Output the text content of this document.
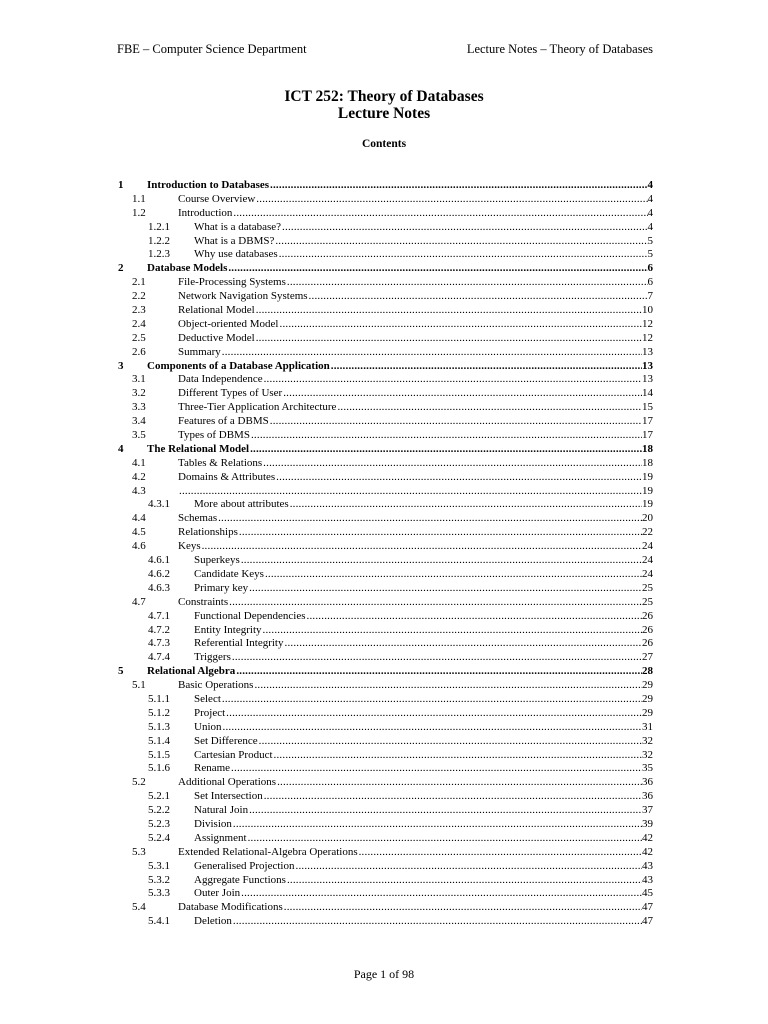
FBE – Computer Science Department	Lecture Notes – Theory of Databases
ICT 252: Theory of Databases
Lecture Notes
Contents
1 Introduction to Databases .....	4
1.1	Course Overview .....	4
1.2	Introduction .....	4
1.2.1 What is a database? .....	4
1.2.2 What is a DBMS? .....	5
1.2.3 Why use databases .....	5
2 Database Models .....	6
2.1	File-Processing Systems .....	6
2.2	Network Navigation Systems .....	7
2.3	Relational Model .....	10
2.4	Object-oriented Model .....	12
2.5	Deductive Model .....	12
2.6	Summary .....	13
3 Components of a Database Application .....	13
3.1	Data Independence .....	13
3.2	Different Types of User .....	14
3.3	Three-Tier Application Architecture .....	15
3.4	Features of a DBMS .....	17
3.5	Types of DBMS .....	17
4 The Relational Model .....	18
4.1	Tables & Relations .....	18
4.2	Domains & Attributes .....	19
4.3 .....	19
4.3.1 More about attributes .....	19
4.4	Schemas .....	20
4.5	Relationships .....	22
4.6	Keys .....	24
4.6.1 Superkeys .....	24
4.6.2 Candidate Keys .....	24
4.6.3 Primary key .....	25
4.7	Constraints .....	25
4.7.1 Functional Dependencies .....	26
4.7.2 Entity Integrity .....	26
4.7.3 Referential Integrity .....	26
4.7.4 Triggers .....	27
5 Relational Algebra .....	28
5.1	Basic Operations .....	29
5.1.1 Select .....	29
5.1.2 Project .....	29
5.1.3 Union .....	31
5.1.4 Set Difference .....	32
5.1.5 Cartesian Product .....	32
5.1.6 Rename .....	35
5.2	Additional Operations .....	36
5.2.1 Set Intersection .....	36
5.2.2 Natural Join .....	37
5.2.3 Division .....	39
5.2.4 Assignment .....	42
5.3	Extended Relational-Algebra Operations .....	42
5.3.1 Generalised Projection .....	43
5.3.2 Aggregate Functions .....	43
5.3.3 Outer Join .....	45
5.4	Database Modifications .....	47
5.4.1 Deletion .....	47
Page 1 of 98
